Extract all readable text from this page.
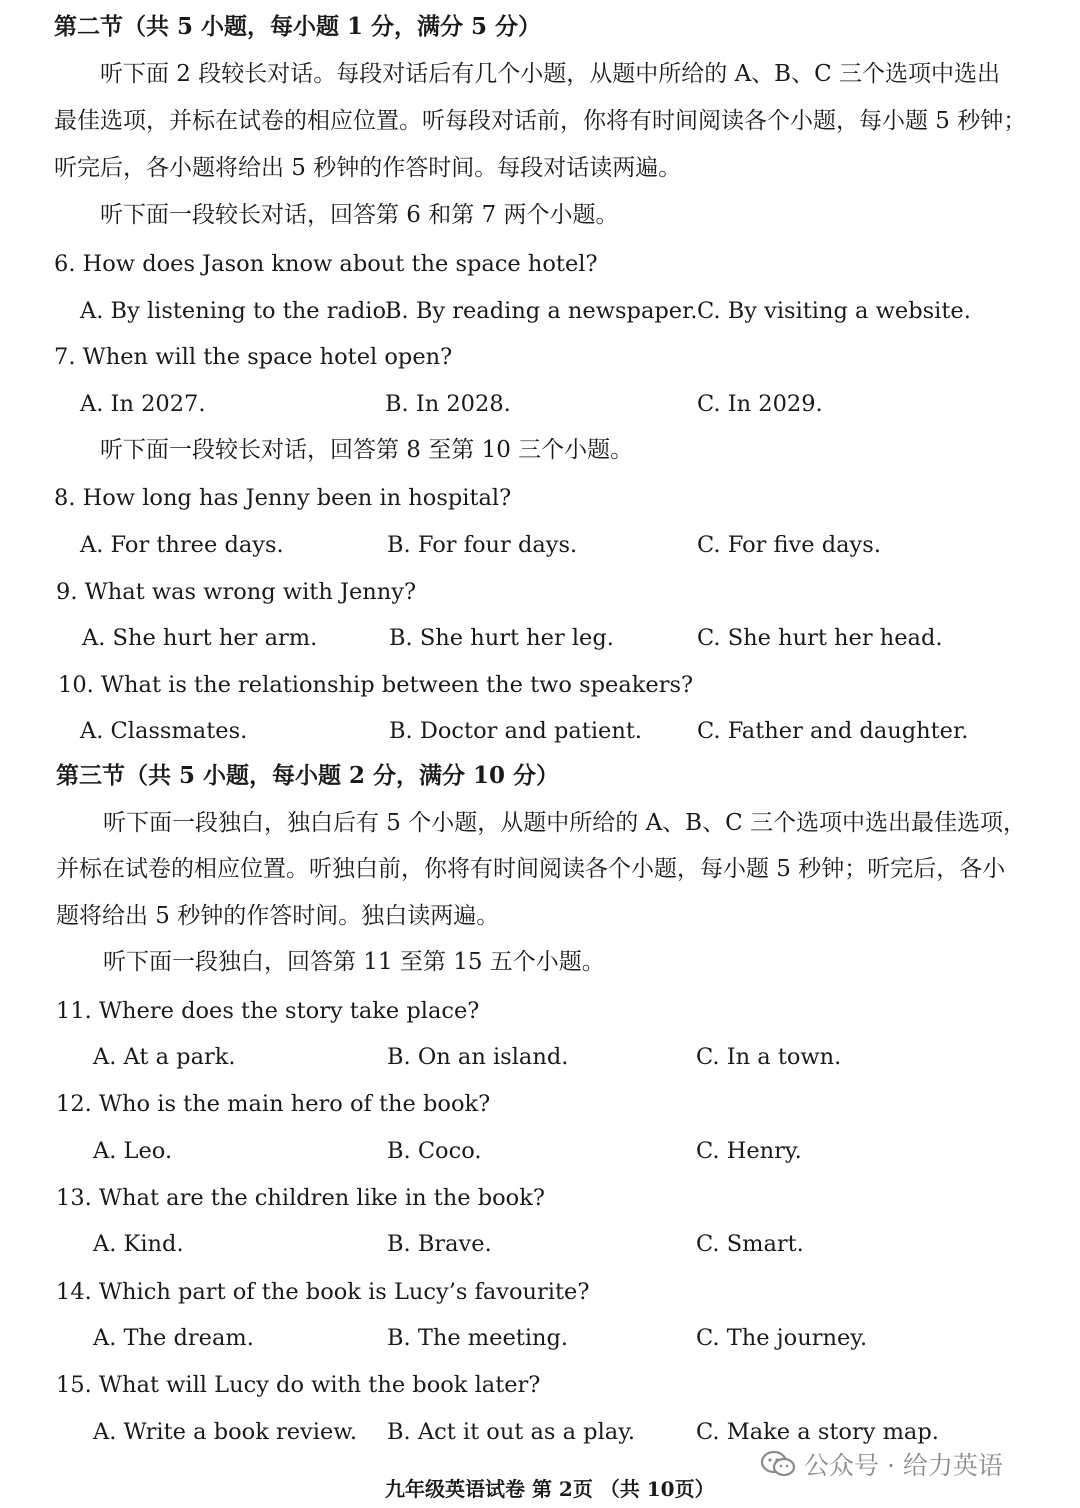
第二节（共 5 小题，每小题 1 分，满分 5 分）
听下面 2 段较长对话。每段对话后有几个小题，从题中所给的 A、B、C 三个选项中选出
最佳选项，并标在试卷的相应位置。听每段对话前，你将有时间阅读各个小题，每小题 5 秒钟；
听完后，各小题将给出 5 秒钟的作答时间。每段对话读两遍。
听下面一段较长对话，回答第 6 和第 7 两个小题。
6. How does Jason know about the space hotel?
A. By listening to the radio.
B. By reading a newspaper. C. By visiting a website.
7. When will the space hotel open?
A. In 2027.	B. In 2028.	C. In 2029.
听下面一段较长对话，回答第 8 至第 10 三个小题。
8. How long has Jenny been in hospital?
A. For three days.	B. For four days.	C. For five days.
9. What was wrong with Jenny?
A. She hurt her arm.	B. She hurt her leg.	C. She hurt her head.
10. What is the relationship between the two speakers?
A. Classmates.	B. Doctor and patient. C. Father and daughter.
第三节（共 5 小题，每小题 2 分，满分 10 分）
听下面一段独白，独白后有 5 个小题，从题中所给的 A、B、C 三个选项中选出最佳选项，
并标在试卷的相应位置。听独白前，你将有时间阅读各个小题，每小题 5 秒钟；听完后，各小
题将给出 5 秒钟的作答时间。独白读两遍。
听下面一段独白，回答第 11 至第 15 五个小题。
11. Where does the story take place?
A. At a park.	B. On an island.	C. In a town.
12. Who is the main hero of the book?
A. Leo.	B. Coco.	C. Henry.
13. What are the children like in the book?
A. Kind.	B. Brave.	C. Smart.
14. Which part of the book is Lucy’s favourite?
A. The dream.	B. The meeting.	C. The journey.
15. What will Lucy do with the book later?
A. Write a book review. B. Act it out as a play.	C. Make a story map.
公众号 · 给力英语
九年级英语试卷 第 2页 （共 10页）
